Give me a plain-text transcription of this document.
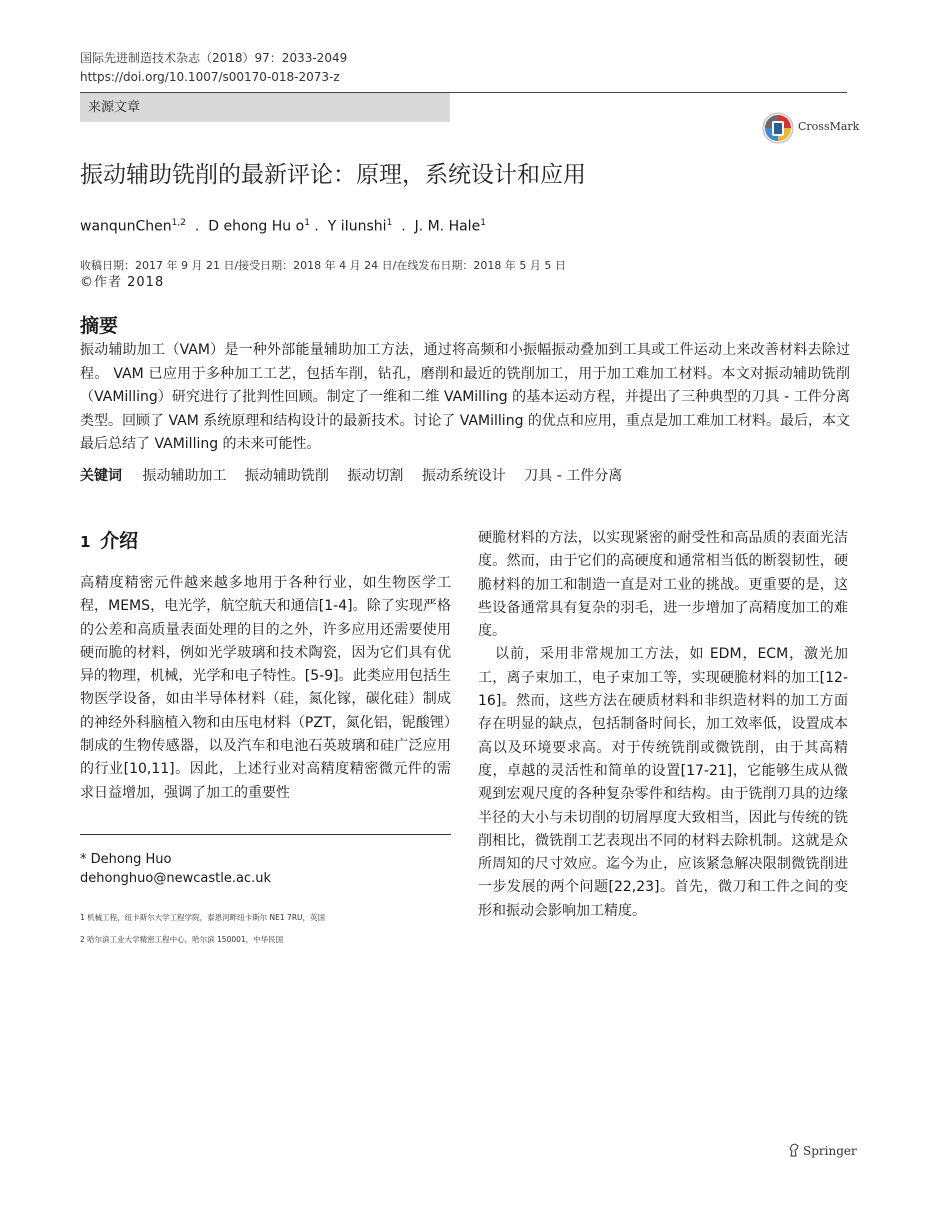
国际先进制造技术杂志（2018）97：2033-2049 https://doi.org/10.1007/s00170-018-2073-z
来源文章
CrossMark
振动辅助铣削的最新评论：原理，系统设计和应用
wanqunChen$^{1,2}$  .  D ehong Hu $o^1$ .  Y iIunshi$^1$  .  J. M. Hale$^1$
收稿日期：2017 年 9 月 21 日/接受日期：2018 年 4 月 24 日/在线发布日期：2018 年 5 月 5 日
©作者 2018
摘要
振动辅助加工（VAM）是一种外部能量辅助加工方法，通过将高频和小振幅振动叠加到工具或工件运动上来改善材料去除过程。 VAM 已应用于多种加工工艺，包括车削，钻孔，磨削和最近的铣削加工，用于加工难加工材料。本文对振动辅助铣削（VAMilling）研究进行了批判性回顾。制定了一维和二维 VAMilling 的基本运动方程，并提出了三种典型的刀具 - 工件分离类型。回顾了 VAM 系统原理和结构设计的最新技术。讨论了 VAMilling 的优点和应用，重点是加工难加工材料。最后，本文最后总结了 VAMilling 的未来可能性。
关键词 振动辅助加工 振动辅助铣削 振动切割 振动系统设计 刀具 - 工件分离
1 介绍
高精度精密元件越来越多地用于各种行业，如生物医学工程，MEMS，电光学，航空航天和通信[1-4]。除了实现严格的公差和高质量表面处理的目的之外，许多应用还需要使用硬而脆的材料，例如光学玻璃和技术陶瓷，因为它们具有优异的物理，机械，光学和电子特性。[5-9]。此类应用包括生物医学设备，如由半导体材料（硅，氮化镓，碳化硅）制成的神经外科脑植入物和由压电材料（PZT，氮化铝，铌酸锂）制成的生物传感器，以及汽车和电池石英玻璃和硅广泛应用的行业[10,11]。因此，上述行业对高精度精密微元件的需求日益增加，强调了加工的重要性

硬脆材料的方法，以实现紧密的耐受性和高品质的表面光洁度。然而，由于它们的高硬度和通常相当低的断裂韧性，硬脆材料的加工和制造一直是对工业的挑战。更重要的是，这些设备通常具有复杂的羽毛，进一步增加了高精度加工的难度。

以前，采用非常规加工方法，如 EDM，ECM，激光加工，离子束加工，电子束加工等，实现硬脆材料的加工[12-16]。然而，这些方法在硬质材料和非织造材料的加工方面存在明显的缺点，包括制备时间长，加工效率低，设置成本高以及环境要求高。对于传统铣削或微铣削，由于其高精度，卓越的灵活性和简单的设置[17-21]，它能够生成从微观到宏观尺度的各种复杂零件和结构。由于铣削刀具的边缘半径的大小与未切削的切屑厚度大致相当，因此与传统的铣削相比，微铣削工艺表现出不同的材料去除机制。这就是众所周知的尺寸效应。迄今为止，应该紧急解决限制微铣削进一步发展的两个问题[22,23]。首先，微刀和工件之间的变形和振动会影响加工精度。

* Dehong Huo
dehonghuo@newcastle.ac.uk
1 机械工程，纽卡斯尔大学工程学院，泰恩河畔纽卡斯尔 NE1 7RU，英国
2 哈尔滨工业大学精密工程中心，哈尔滨 150001，中华民国
Springer
